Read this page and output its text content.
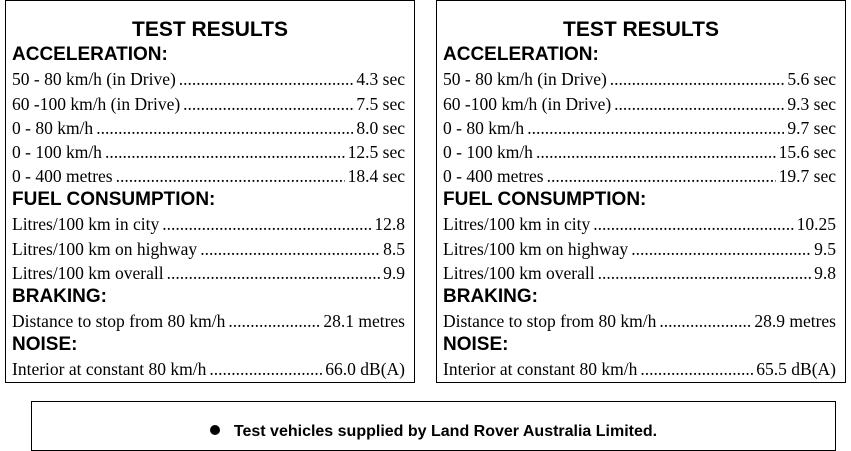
TEST RESULTS
ACCELERATION:
50 - 80 km/h (in Drive) .....	4.3 sec
60 -100 km/h (in Drive) .....	7.5 sec
0 - 80 km/h .....	8.0 sec
0 - 100 km/h .....	12.5 sec
0 - 400 metres .....	18.4 sec
FUEL CONSUMPTION:
Litres/100 km in city .....	12.8
Litres/100 km on highway .....	8.5
Litres/100 km overall .....	9.9
BRAKING:
Distance to stop from 80 km/h .....	28.1 metres
NOISE:
Interior at constant 80 km/h .....	66.0 dB(A)
TEST RESULTS
ACCELERATION:
50 - 80 km/h (in Drive) .....	5.6 sec
60 -100 km/h (in Drive) .....	9.3 sec
0 - 80 km/h .....	9.7 sec
0 - 100 km/h .....	15.6 sec
0 - 400 metres .....	19.7 sec
FUEL CONSUMPTION:
Litres/100 km in city .....	10.25
Litres/100 km on highway .....	9.5
Litres/100 km overall .....	9.8
BRAKING:
Distance to stop from 80 km/h .....	28.9 metres
NOISE:
Interior at constant 80 km/h .....	65.5 dB(A)
Test vehicles supplied by Land Rover Australia Limited.
